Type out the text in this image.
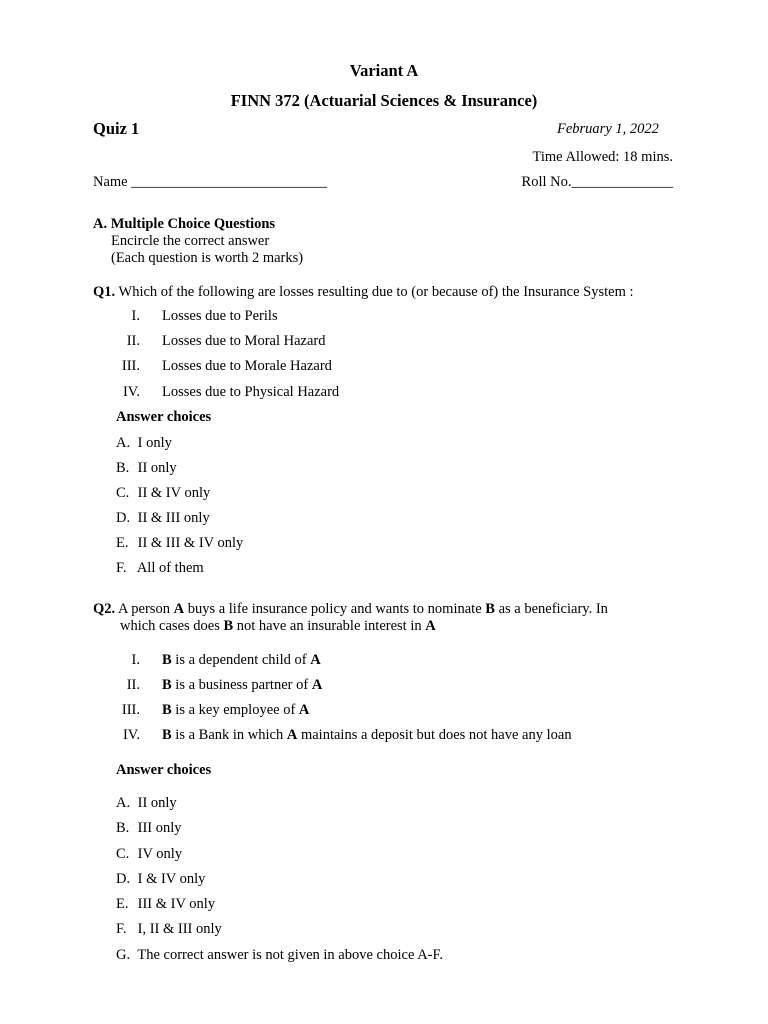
Variant A
FINN 372 (Actuarial Sciences & Insurance)
Quiz 1	February 1, 2022
Time Allowed: 18 mins.
Name ___________________________	Roll No.______________
A. Multiple Choice Questions
Encircle the correct answer
(Each question is worth 2 marks)
Q1. Which of the following are losses resulting due to (or because of) the Insurance System :
I. Losses due to Perils
II. Losses due to Moral Hazard
III. Losses due to Morale Hazard
IV. Losses due to Physical Hazard
Answer choices
A. I only
B. II only
C. II & IV only
D. II & III only
E. II & III & IV only
F. All of them
Q2. A person A buys a life insurance policy and wants to nominate B as a beneficiary. In
which cases does B not have an insurable interest in A
I. B is a dependent child of A
II. B is a business partner of A
III. B is a key employee of A
IV. B is a Bank in which A maintains a deposit but does not have any loan
Answer choices
A. II only
B. III only
C. IV only
D. I & IV only
E. III & IV only
F. I, II & III only
G. The correct answer is not given in above choice A-F.
